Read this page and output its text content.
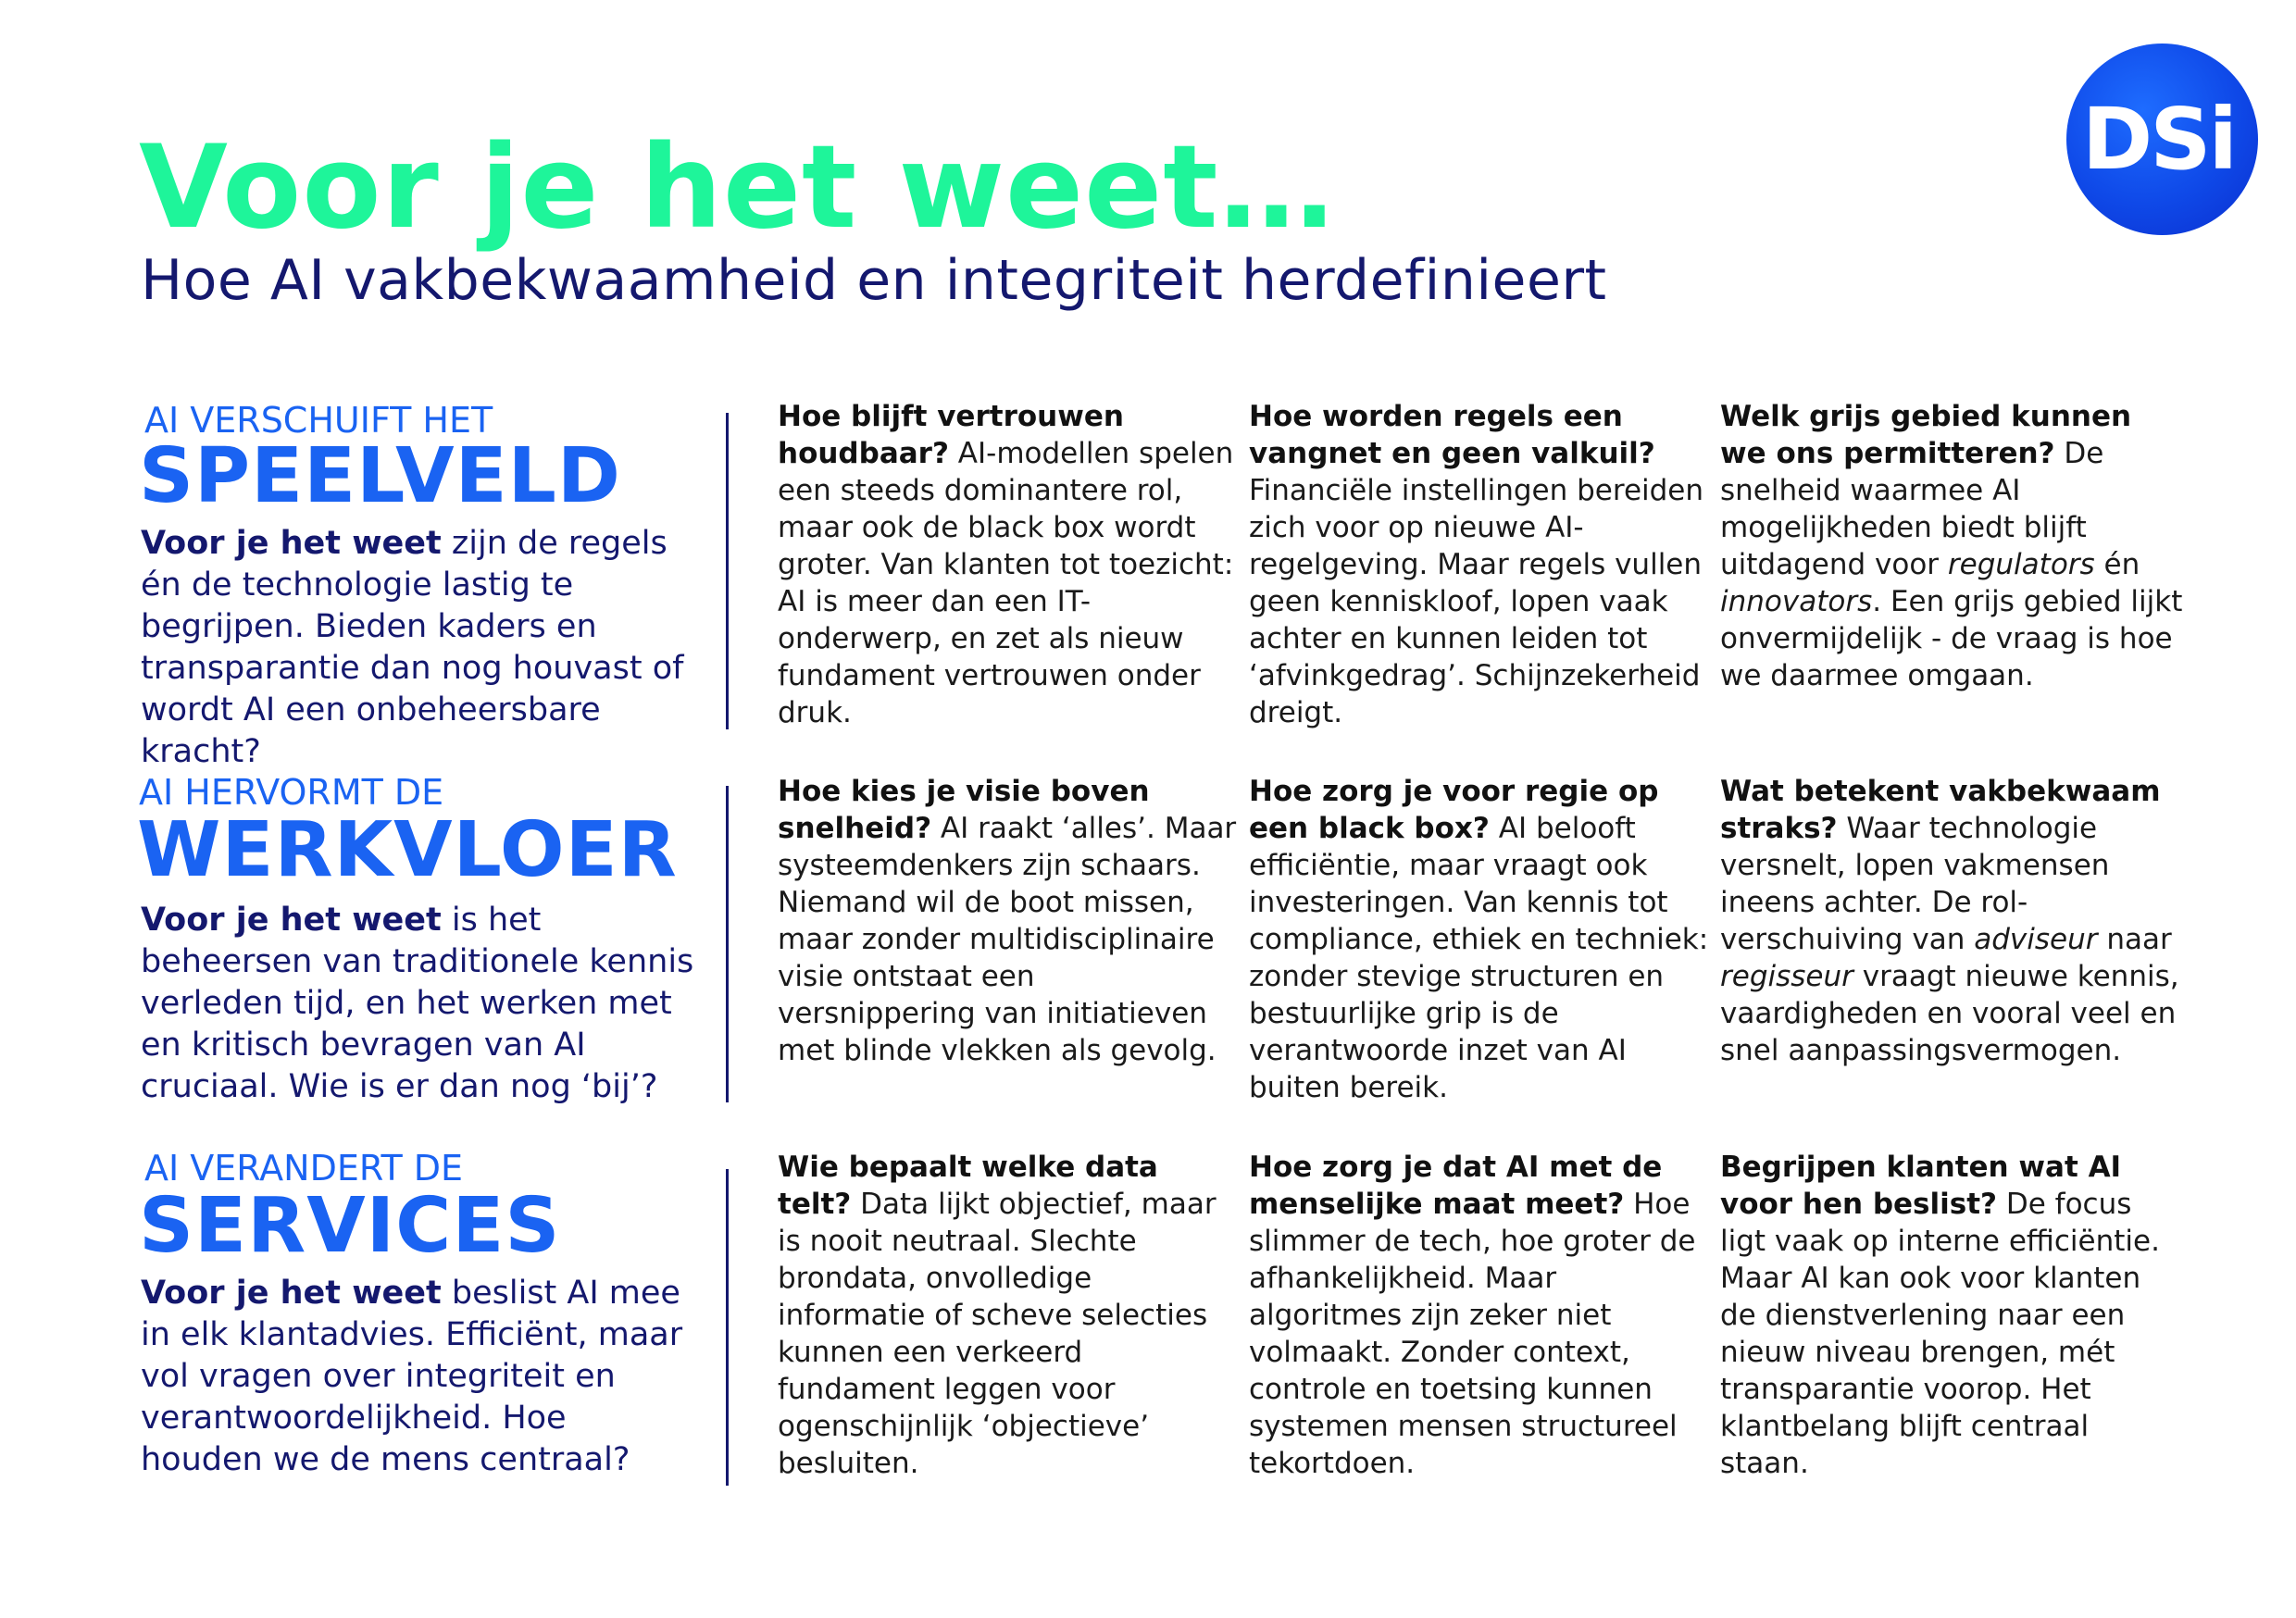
Voor je het weet…
Hoe AI vakbekwaamheid en integriteit herdefinieert
DSi

AI VERSCHUIFT HET

SPEELVELD

Voor je het weet zijn de regels én de technologie lastig te begrijpen. Bieden kaders en transparantie dan nog houvast of wordt AI een onbeheersbare kracht?

Hoe blijft vertrouwen houdbaar? AI-modellen spelen een steeds dominantere rol, maar ook de black box wordt groter. Van klanten tot toezicht: AI is meer dan een IT-onderwerp, en zet als nieuw fundament vertrouwen onder druk.

Hoe worden regels een vangnet en geen valkuil? Financiële instellingen bereiden zich voor op nieuwe AI-regelgeving. Maar regels vullen geen kenniskloof, lopen vaak achter en kunnen leiden tot ‘afvinkgedrag’. Schijnzekerheid dreigt.

Welk grijs gebied kunnen we ons permitteren? De snelheid waarmee AI mogelijkheden biedt blijft uitdagend voor regulators én innovators. Een grijs gebied lijkt onvermijdelijk - de vraag is hoe we daarmee omgaan.

AI HERVORMT DE

WERKVLOER

Voor je het weet is het beheersen van traditionele kennis verleden tijd, en het werken met en kritisch bevragen van AI cruciaal. Wie is er dan nog ‘bij’?

Hoe kies je visie boven snelheid? AI raakt ‘alles’. Maar systeemdenkers zijn schaars. Niemand wil de boot missen, maar zonder multidisciplinaire visie ontstaat een versnippering van initiatieven met blinde vlekken als gevolg.

Hoe zorg je voor regie op een black box? AI belooft efficiëntie, maar vraagt ook investeringen. Van kennis tot compliance, ethiek en techniek: zonder stevige structuren en bestuurlijke grip is de verantwoorde inzet van AI buiten bereik.

Wat betekent vakbekwaam straks? Waar technologie versnelt, lopen vakmensen ineens achter. De rol-verschuiving van adviseur naar regisseur vraagt nieuwe kennis, vaardigheden en vooral veel en snel aanpassingsvermogen.

AI VERANDERT DE

SERVICES

Voor je het weet beslist AI mee in elk klantadvies. Efficiënt, maar vol vragen over integriteit en verantwoordelijkheid. Hoe houden we de mens centraal?

Wie bepaalt welke data telt? Data lijkt objectief, maar is nooit neutraal. Slechte brondata, onvolledige informatie of scheve selecties kunnen een verkeerd fundament leggen voor ogenschijnlijk ‘objectieve’ besluiten.

Hoe zorg je dat AI met de menselijke maat meet? Hoe slimmer de tech, hoe groter de afhankelijkheid. Maar algoritmes zijn zeker niet volmaakt. Zonder context, controle en toetsing kunnen systemen mensen structureel tekortdoen.

Begrijpen klanten wat AI voor hen beslist? De focus ligt vaak op interne efficiëntie. Maar AI kan ook voor klanten de dienstverlening naar een nieuw niveau brengen, mét transparantie voorop. Het klantbelang blijft centraal staan.
